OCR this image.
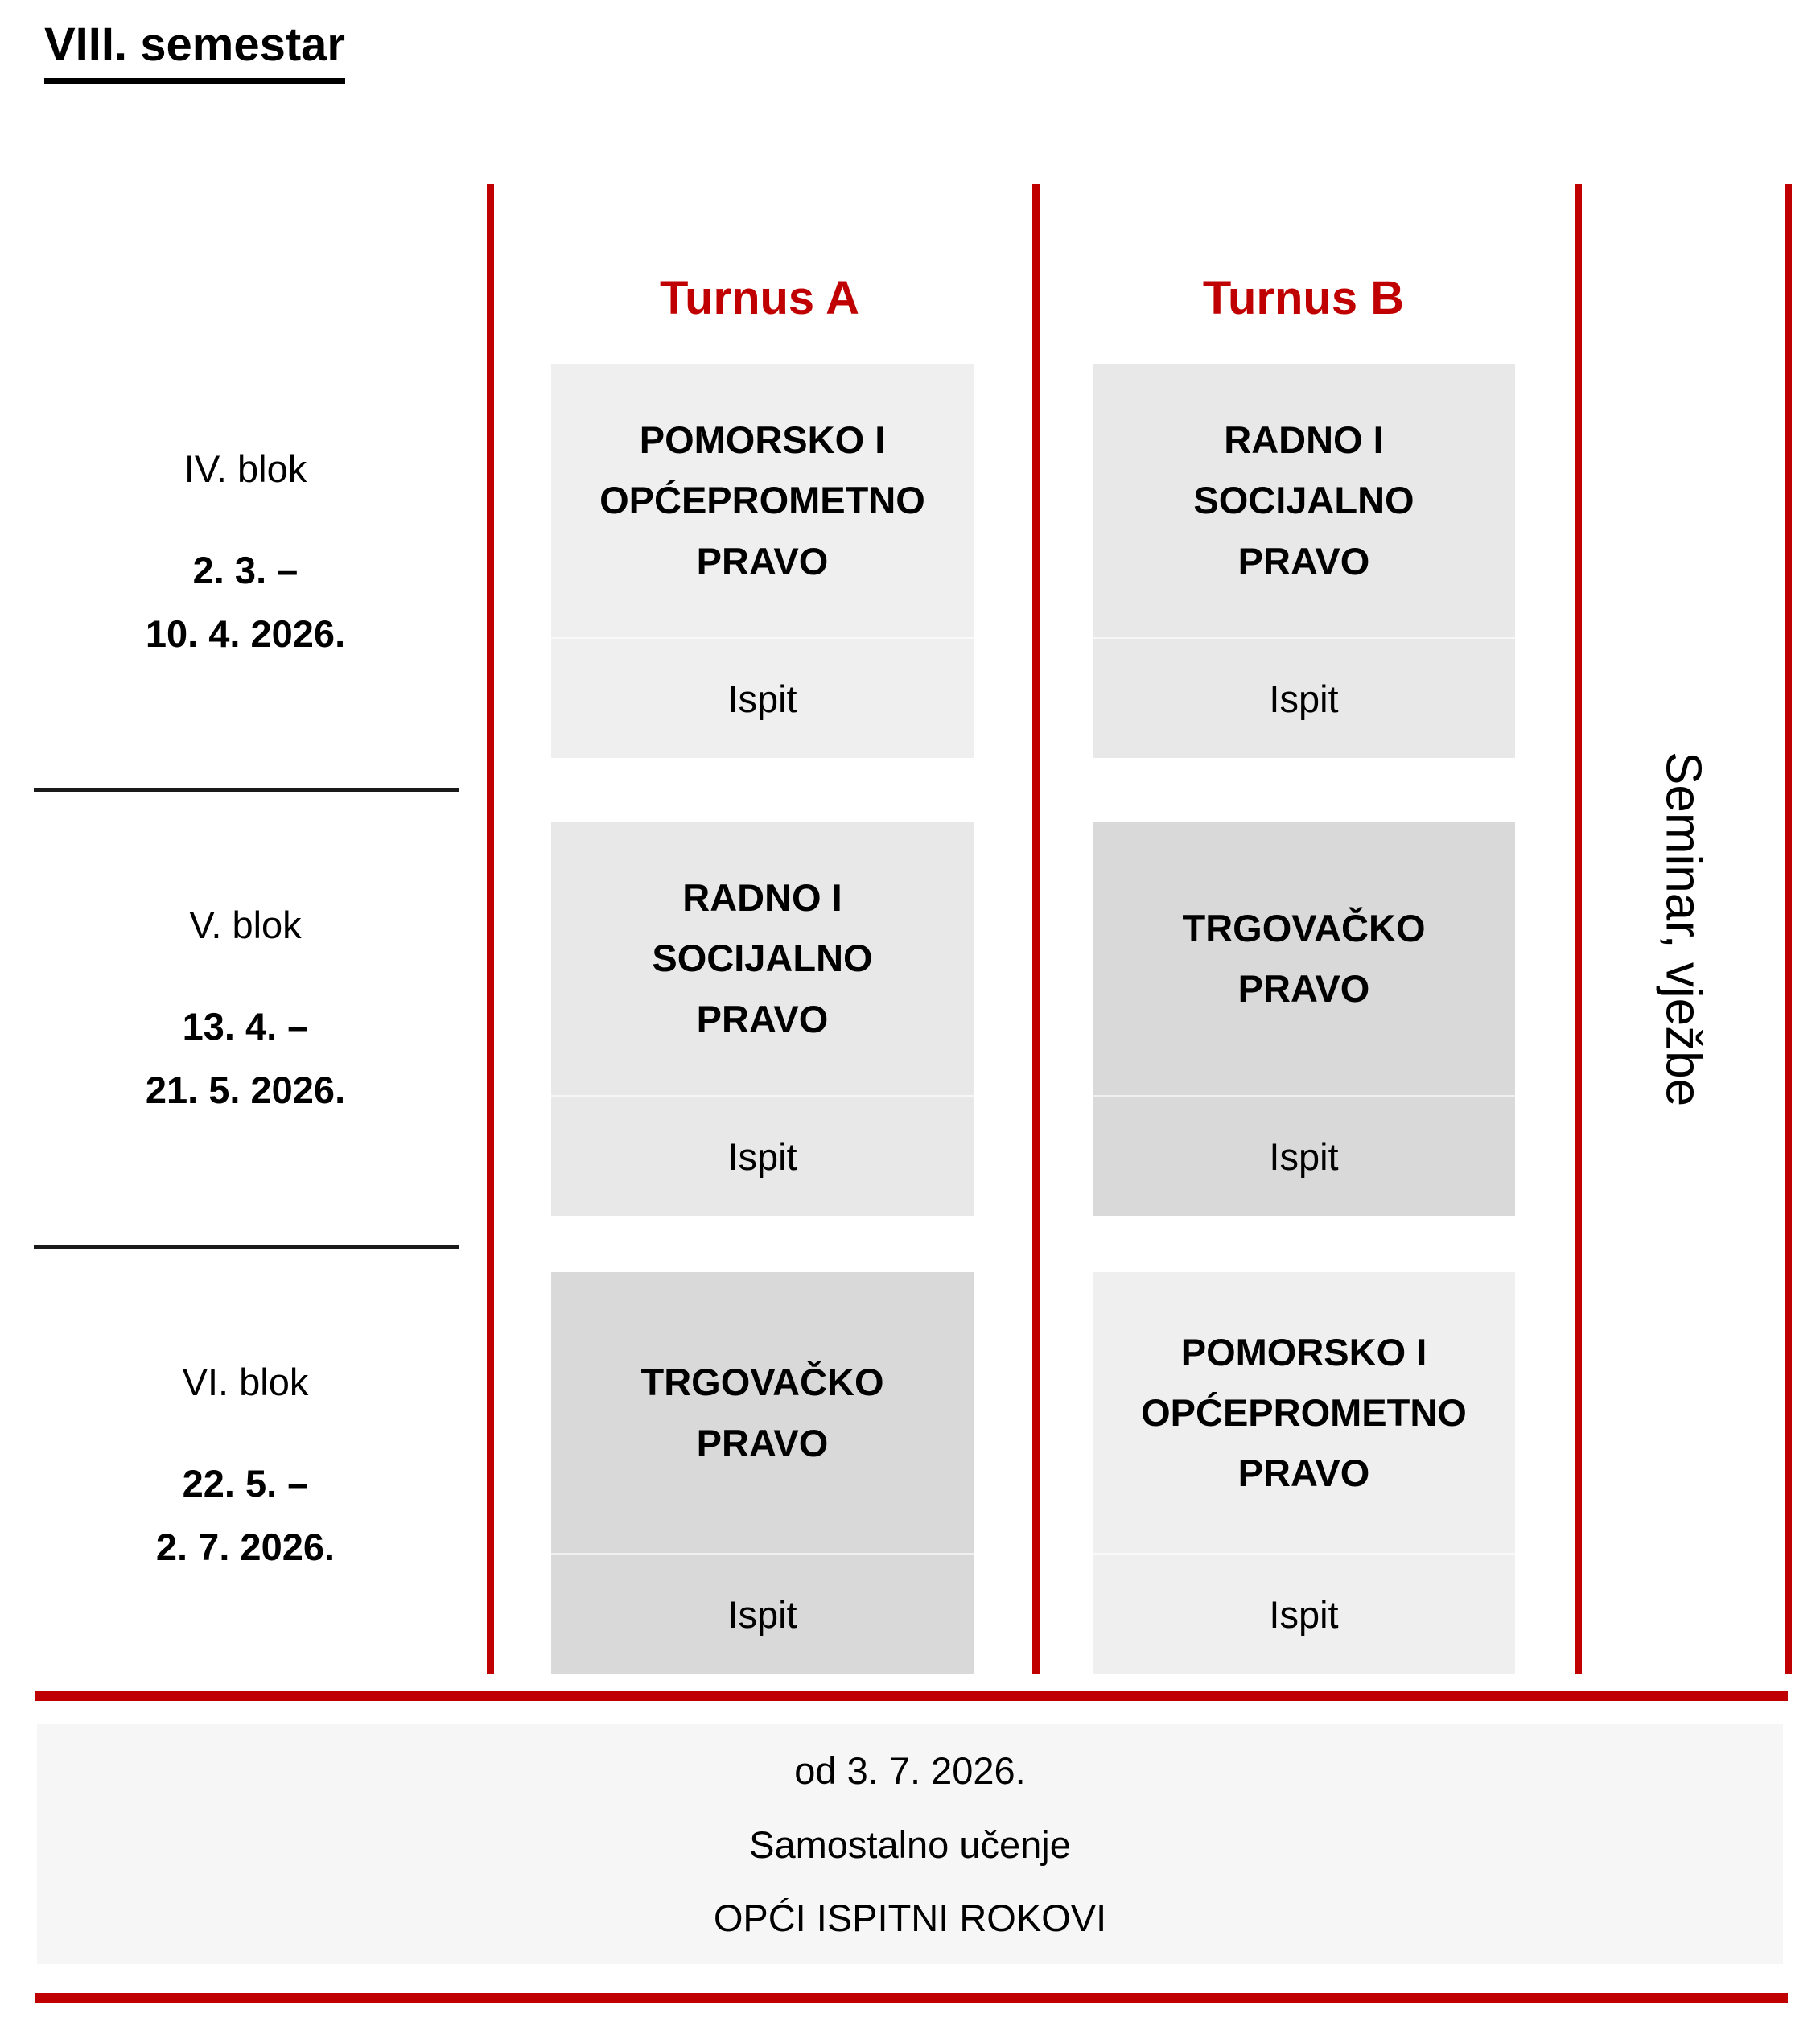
VIII. semestar
Turnus A	Turnus B
IV. blok
2. 3. –
10. 4. 2026.
V. blok
13. 4. –
21. 5. 2026.
VI. blok
22. 5. –
2. 7. 2026.
POMORSKO I
OPĆEPROMETNO
PRAVO
Ispit
RADNO I
SOCIJALNO
PRAVO
Ispit
RADNO I
SOCIJALNO
PRAVO
Ispit
TRGOVAČKO
PRAVO
Ispit
TRGOVAČKO
PRAVO
Ispit
POMORSKO I
OPĆEPROMETNO
PRAVO
Ispit
Seminar, vježbe
od 3. 7. 2026.
Samostalno učenje
OPĆI ISPITNI ROKOVI
